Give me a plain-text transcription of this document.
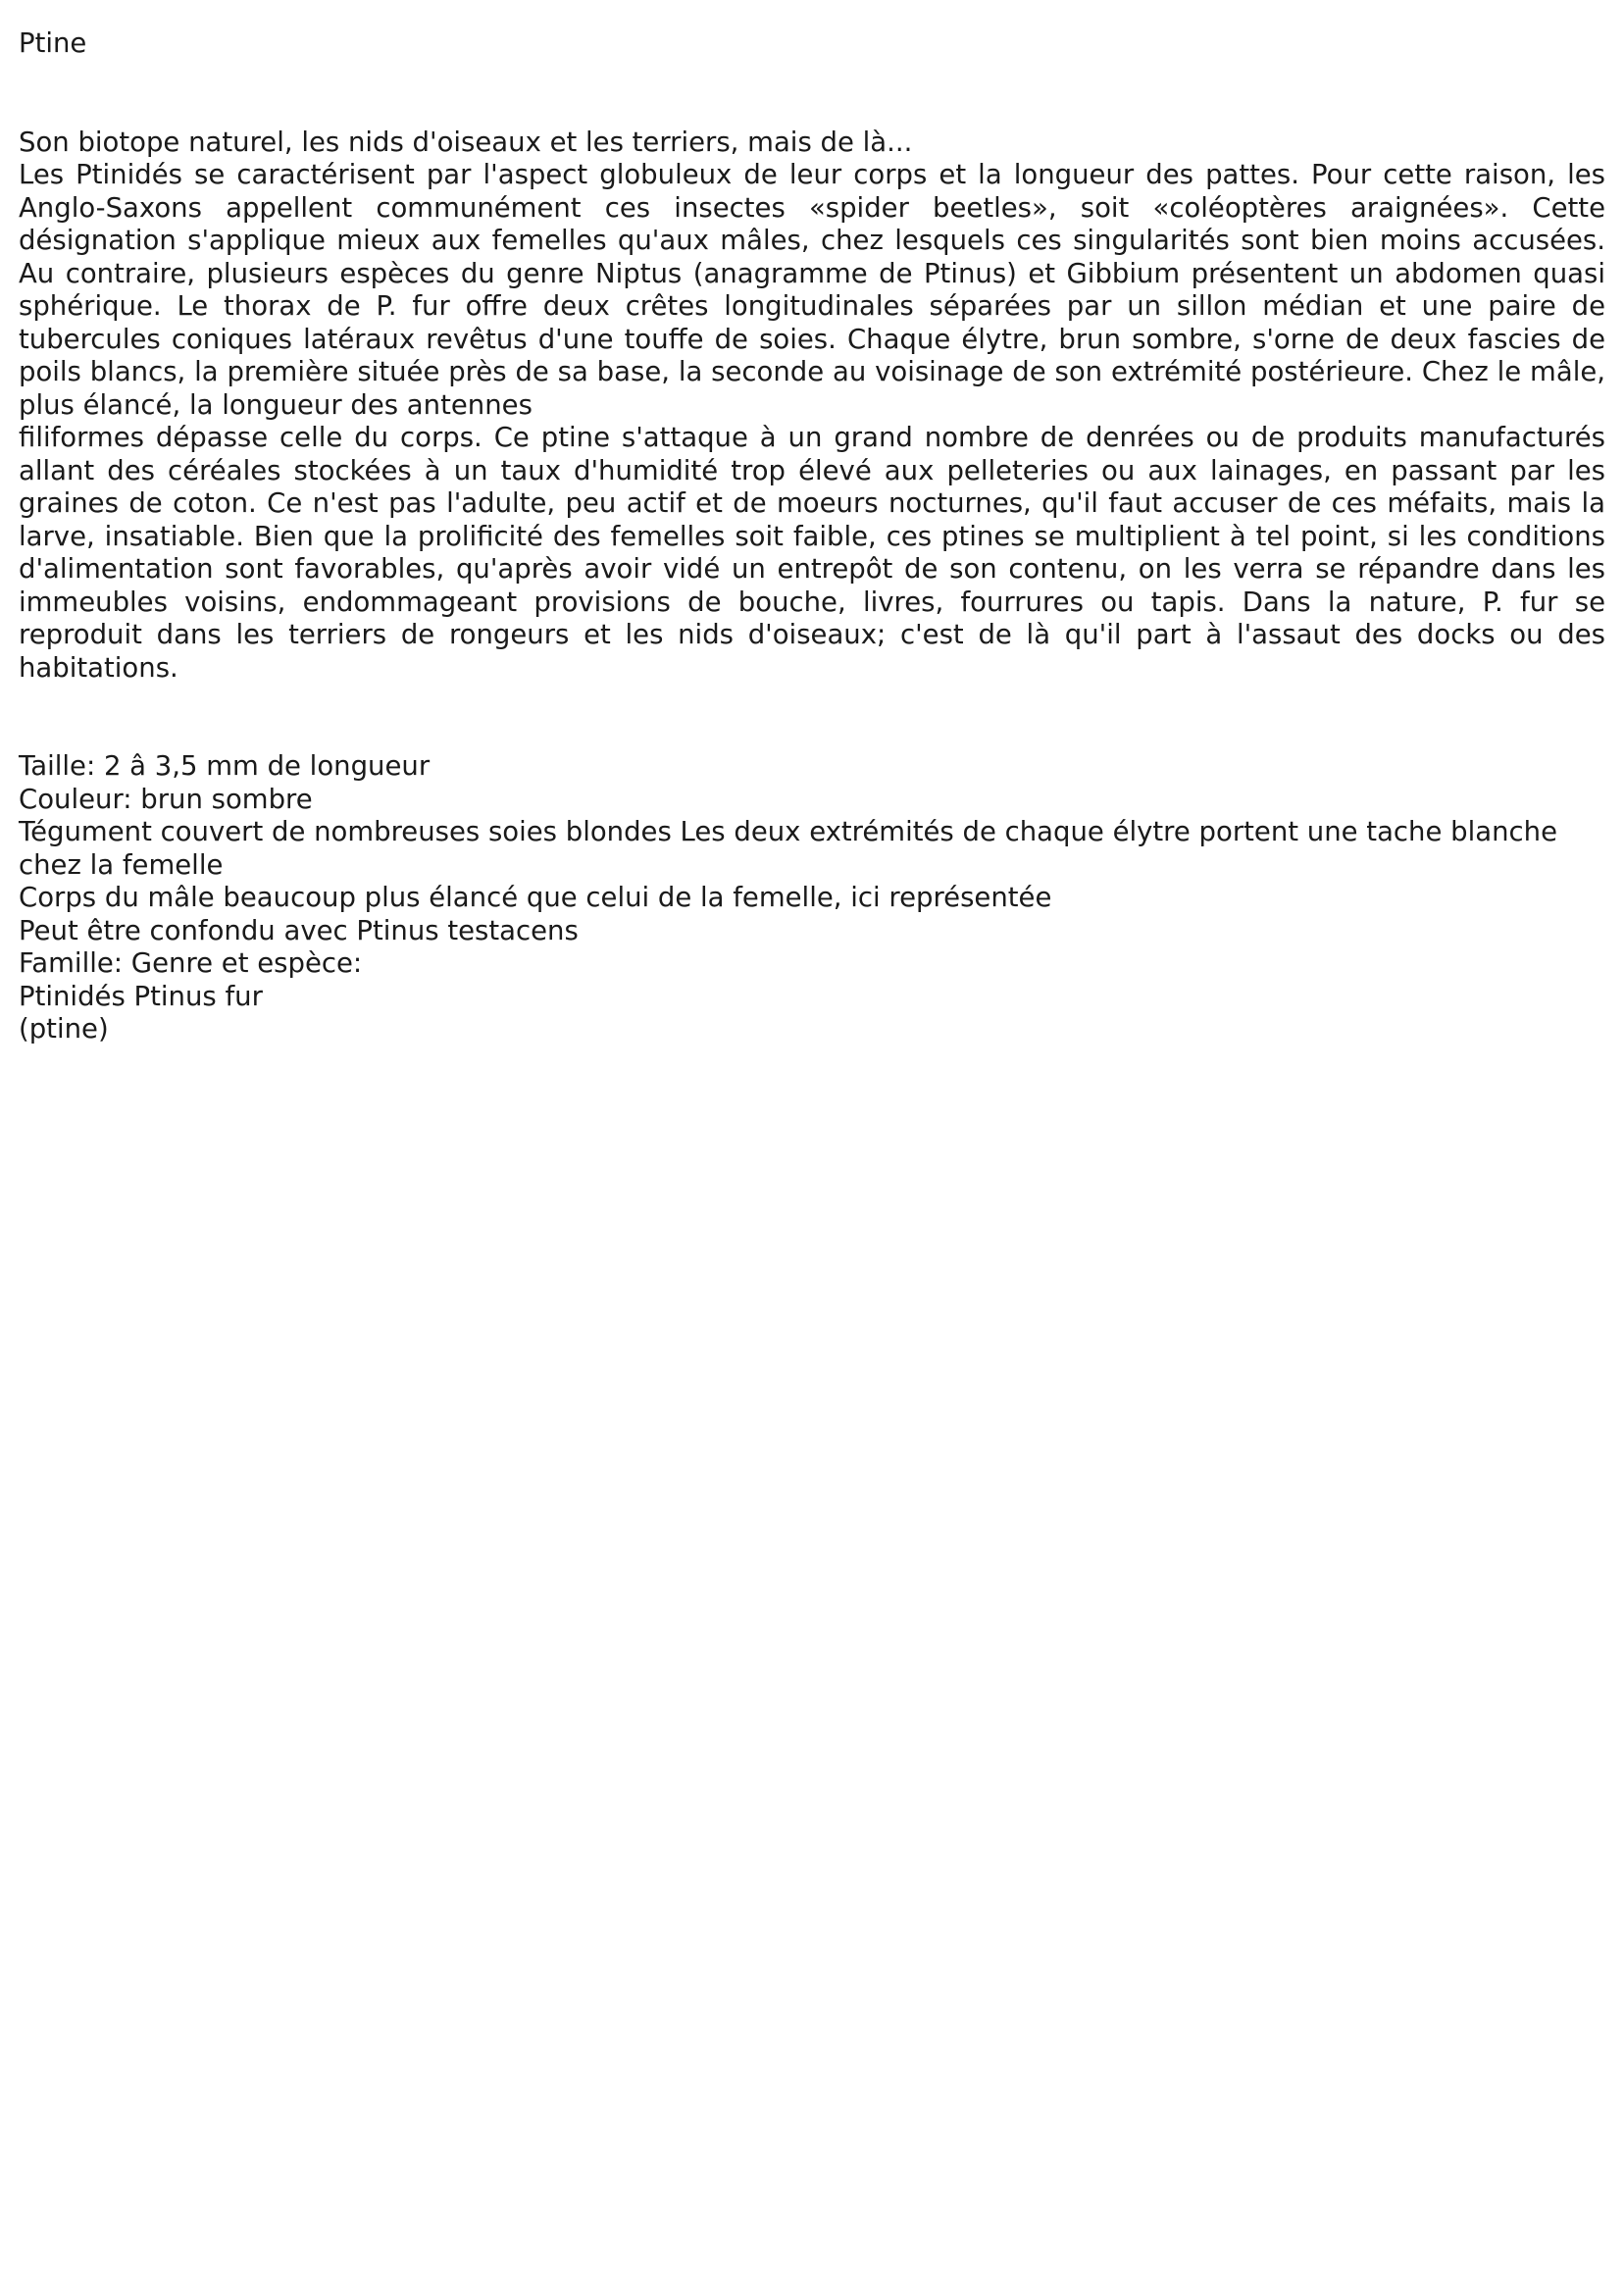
Ptine

Son biotope naturel, les nids d'oiseaux et les terriers, mais de là...

Les Ptinidés se caractérisent par l'aspect globuleux de leur corps et la longueur des pattes. Pour cette raison, les Anglo-Saxons appellent communément ces insectes «spider beetles», soit «coléoptères araignées». Cette désignation s'applique mieux aux femelles qu'aux mâles, chez lesquels ces singularités sont bien moins accusées. Au contraire, plusieurs espèces du genre Niptus (anagramme de Ptinus) et Gibbium présentent un abdomen quasi sphérique. Le thorax de P. fur offre deux crêtes longitudinales séparées par un sillon médian et une paire de tubercules coniques latéraux revêtus d'une touffe de soies. Chaque élytre, brun sombre, s'orne de deux fascies de poils blancs, la première située près de sa base, la seconde au voisinage de son extrémité postérieure. Chez le mâle, plus élancé, la longueur des antennes

filiformes dépasse celle du corps. Ce ptine s'attaque à un grand nombre de denrées ou de produits manufacturés allant des céréales stockées à un taux d'humidité trop élevé aux pelleteries ou aux lainages, en passant par les graines de coton. Ce n'est pas l'adulte, peu actif et de moeurs nocturnes, qu'il faut accuser de ces méfaits, mais la larve, insatiable. Bien que la prolificité des femelles soit faible, ces ptines se multiplient à tel point, si les conditions d'alimentation sont favorables, qu'après avoir vidé un entrepôt de son contenu, on les verra se répandre dans les immeubles voisins, endommageant provisions de bouche, livres, fourrures ou tapis. Dans la nature, P. fur se reproduit dans les terriers de rongeurs et les nids d'oiseaux; c'est de là qu'il part à l'assaut des docks ou des habitations.

Taille: 2 â 3,5 mm de longueur

Couleur: brun sombre

Tégument couvert de nombreuses soies blondes Les deux extrémités de chaque élytre portent une tache blanche chez la femelle

Corps du mâle beaucoup plus élancé que celui de la femelle, ici représentée

Peut être confondu avec Ptinus testacens

Famille: Genre et espèce:

Ptinidés Ptinus fur

(ptine)
